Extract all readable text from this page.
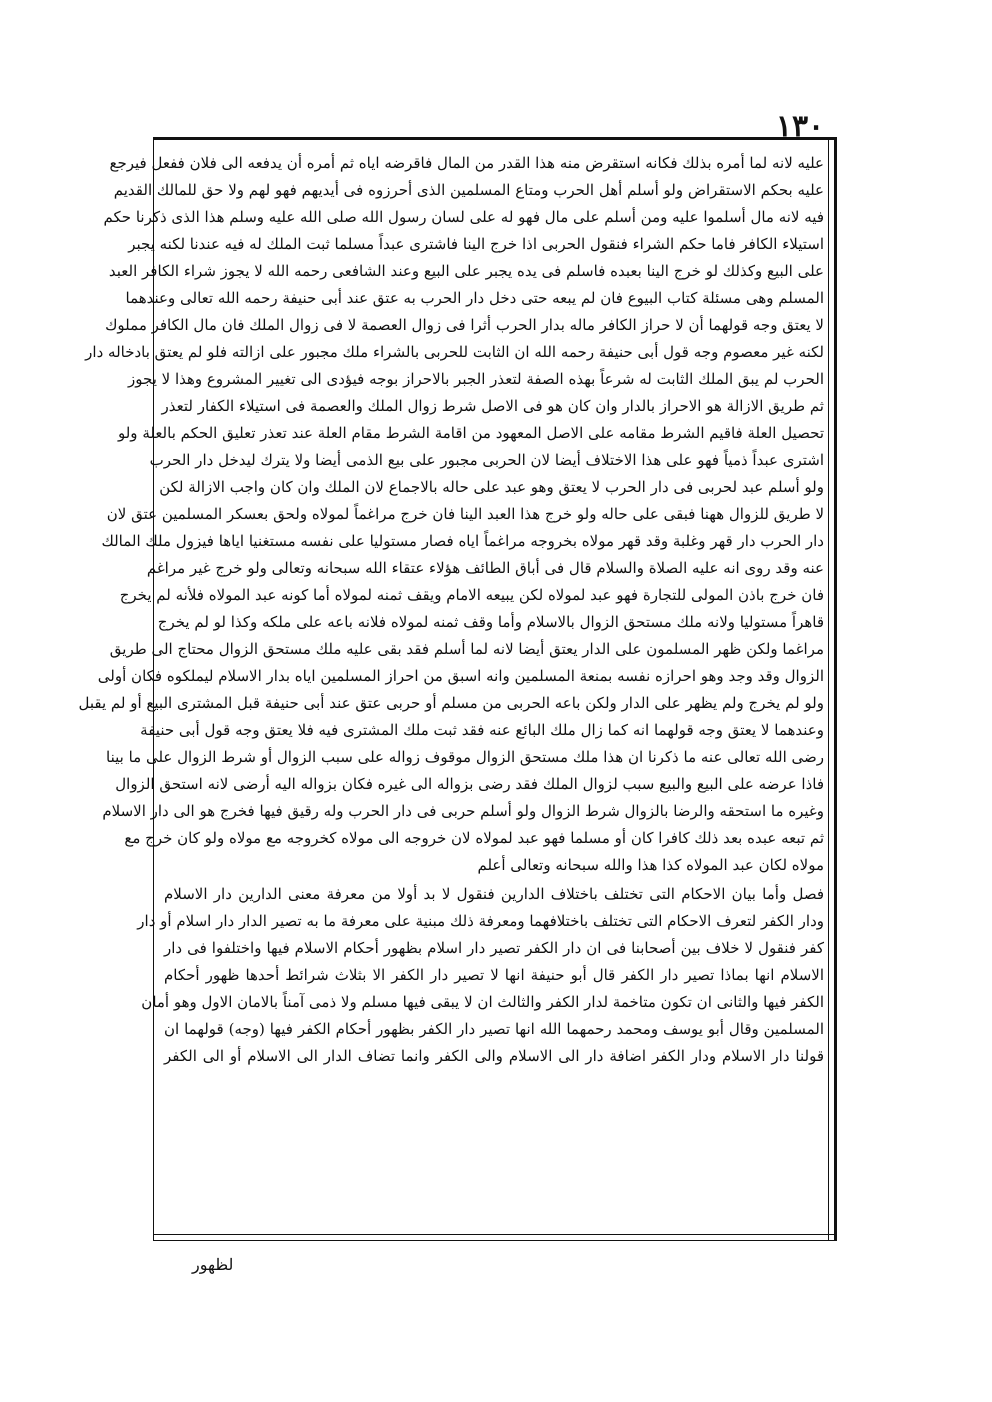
١٣٠
عليه لانه لما أمره بذلك فكانه استقرض منه هذا القدر من المال فاقرضه اياه ثم أمره أن يدفعه الى فلان ففعل فيرجع
عليه بحكم الاستقراض ولو أسلم أهل الحرب ومتاع المسلمين الذى أحرزوه فى أيديهم فهو لهم ولا حق للمالك القديم
فيه لانه مال أسلموا عليه ومن أسلم على مال فهو له على لسان رسول الله صلى الله عليه وسلم هذا الذى ذكرنا حكم
استيلاء الكافر فاما حكم الشراء فنقول الحربى اذا خرج الينا فاشترى عبداً مسلما ثبت الملك له فيه عندنا لكنه يجبر
على البيع وكذلك لو خرج الينا بعبده فاسلم فى يده يجبر على البيع وعند الشافعى رحمه الله لا يجوز شراء الكافر العبد
المسلم وهى مسئلة كتاب البيوع فان لم يبعه حتى دخل دار الحرب به عتق عند أبى حنيفة رحمه الله تعالى وعندهما
لا يعتق وجه قولهما أن لا حراز الكافر ماله بدار الحرب أثرا فى زوال العصمة لا فى زوال الملك فان مال الكافر مملوك
لكنه غير معصوم وجه قول أبى حنيفة رحمه الله ان الثابت للحربى بالشراء ملك مجبور على ازالته فلو لم يعتق بادخاله دار
الحرب لم يبق الملك الثابت له شرعاً بهذه الصفة لتعذر الجبر بالاحراز بوجه فيؤدى الى تغيير المشروع وهذا لا يجوز
ثم طريق الازالة هو الاحراز بالدار وان كان هو فى الاصل شرط زوال الملك والعصمة فى استيلاء الكفار لتعذر
تحصيل العلة فاقيم الشرط مقامه على الاصل المعهود من اقامة الشرط مقام العلة عند تعذر تعليق الحكم بالعلة ولو
اشترى عبداً ذمياً فهو على هذا الاختلاف أيضا لان الحربى مجبور على بيع الذمى أيضا ولا يترك ليدخل دار الحرب
ولو أسلم عبد لحربى فى دار الحرب لا يعتق وهو عبد على حاله بالاجماع لان الملك وان كان واجب الازالة لكن
لا طريق للزوال ههنا فبقى على حاله ولو خرج هذا العبد الينا فان خرج مراغماً لمولاه ولحق بعسكر المسلمين عتق لان
دار الحرب دار قهر وغلبة وقد قهر مولاه بخروجه مراغماً اياه فصار مستوليا على نفسه مستغنيا اياها فيزول ملك المالك
عنه وقد روى انه عليه الصلاة والسلام قال فى أباق الطائف هؤلاء عتقاء الله سبحانه وتعالى ولو خرج غير مراغم
فان خرج باذن المولى للتجارة فهو عبد لمولاه لكن يبيعه الامام ويقف ثمنه لمولاه أما كونه عبد المولاه فلأنه لم يخرج
قاهراً مستوليا ولانه ملك مستحق الزوال بالاسلام وأما وقف ثمنه لمولاه فلانه باعه على ملكه وكذا لو لم يخرج
مراغما ولكن ظهر المسلمون على الدار يعتق أيضا لانه لما أسلم فقد بقى عليه ملك مستحق الزوال محتاج الى طريق
الزوال وقد وجد وهو احرازه نفسه بمنعة المسلمين وانه اسبق من احراز المسلمين اياه بدار الاسلام ليملكوه فكان أولى
ولو لم يخرج ولم يظهر على الدار ولكن باعه الحربى من مسلم أو حربى عتق عند أبى حنيفة قبل المشترى البيع أو لم يقبل
وعندهما لا يعتق وجه قولهما انه كما زال ملك البائع عنه فقد ثبت ملك المشترى فيه فلا يعتق وجه قول أبى حنيفة
رضى الله تعالى عنه ما ذكرنا ان هذا ملك مستحق الزوال موقوف زواله على سبب الزوال أو شرط الزوال على ما بينا
فاذا عرضه على البيع والبيع سبب لزوال الملك فقد رضى بزواله الى غيره فكان بزواله اليه أرضى لانه استحق الزوال
وغيره ما استحقه والرضا بالزوال شرط الزوال ولو أسلم حربى فى دار الحرب وله رقيق فيها فخرج هو الى دار الاسلام
ثم تبعه عبده بعد ذلك كافرا كان أو مسلما فهو عبد لمولاه لان خروجه الى مولاه كخروجه مع مولاه ولو كان خرج مع
مولاه لكان عبد المولاه كذا هذا والله سبحانه وتعالى أعلم
فصل وأما بيان الاحكام التى تختلف باختلاف الدارين فنقول لا بد أولا من معرفة معنى الدارين دار الاسلام
ودار الكفر لتعرف الاحكام التى تختلف باختلافهما ومعرفة ذلك مبنية على معرفة ما به تصير الدار دار اسلام أو دار
كفر فنقول لا خلاف بين أصحابنا فى ان دار الكفر تصير دار اسلام بظهور أحكام الاسلام فيها واختلفوا فى دار
الاسلام انها بماذا تصير دار الكفر قال أبو حنيفة انها لا تصير دار الكفر الا بثلاث شرائط أحدها ظهور أحكام
الكفر فيها والثانى ان تكون متاخمة لدار الكفر والثالث ان لا يبقى فيها مسلم ولا ذمى آمناً بالامان الاول وهو أمان
المسلمين وقال أبو يوسف ومحمد رحمهما الله انها تصير دار الكفر بظهور أحكام الكفر فيها (وجه) قولهما ان
قولنا دار الاسلام ودار الكفر اضافة دار الى الاسلام والى الكفر وانما تضاف الدار الى الاسلام أو الى الكفر
لظهور
